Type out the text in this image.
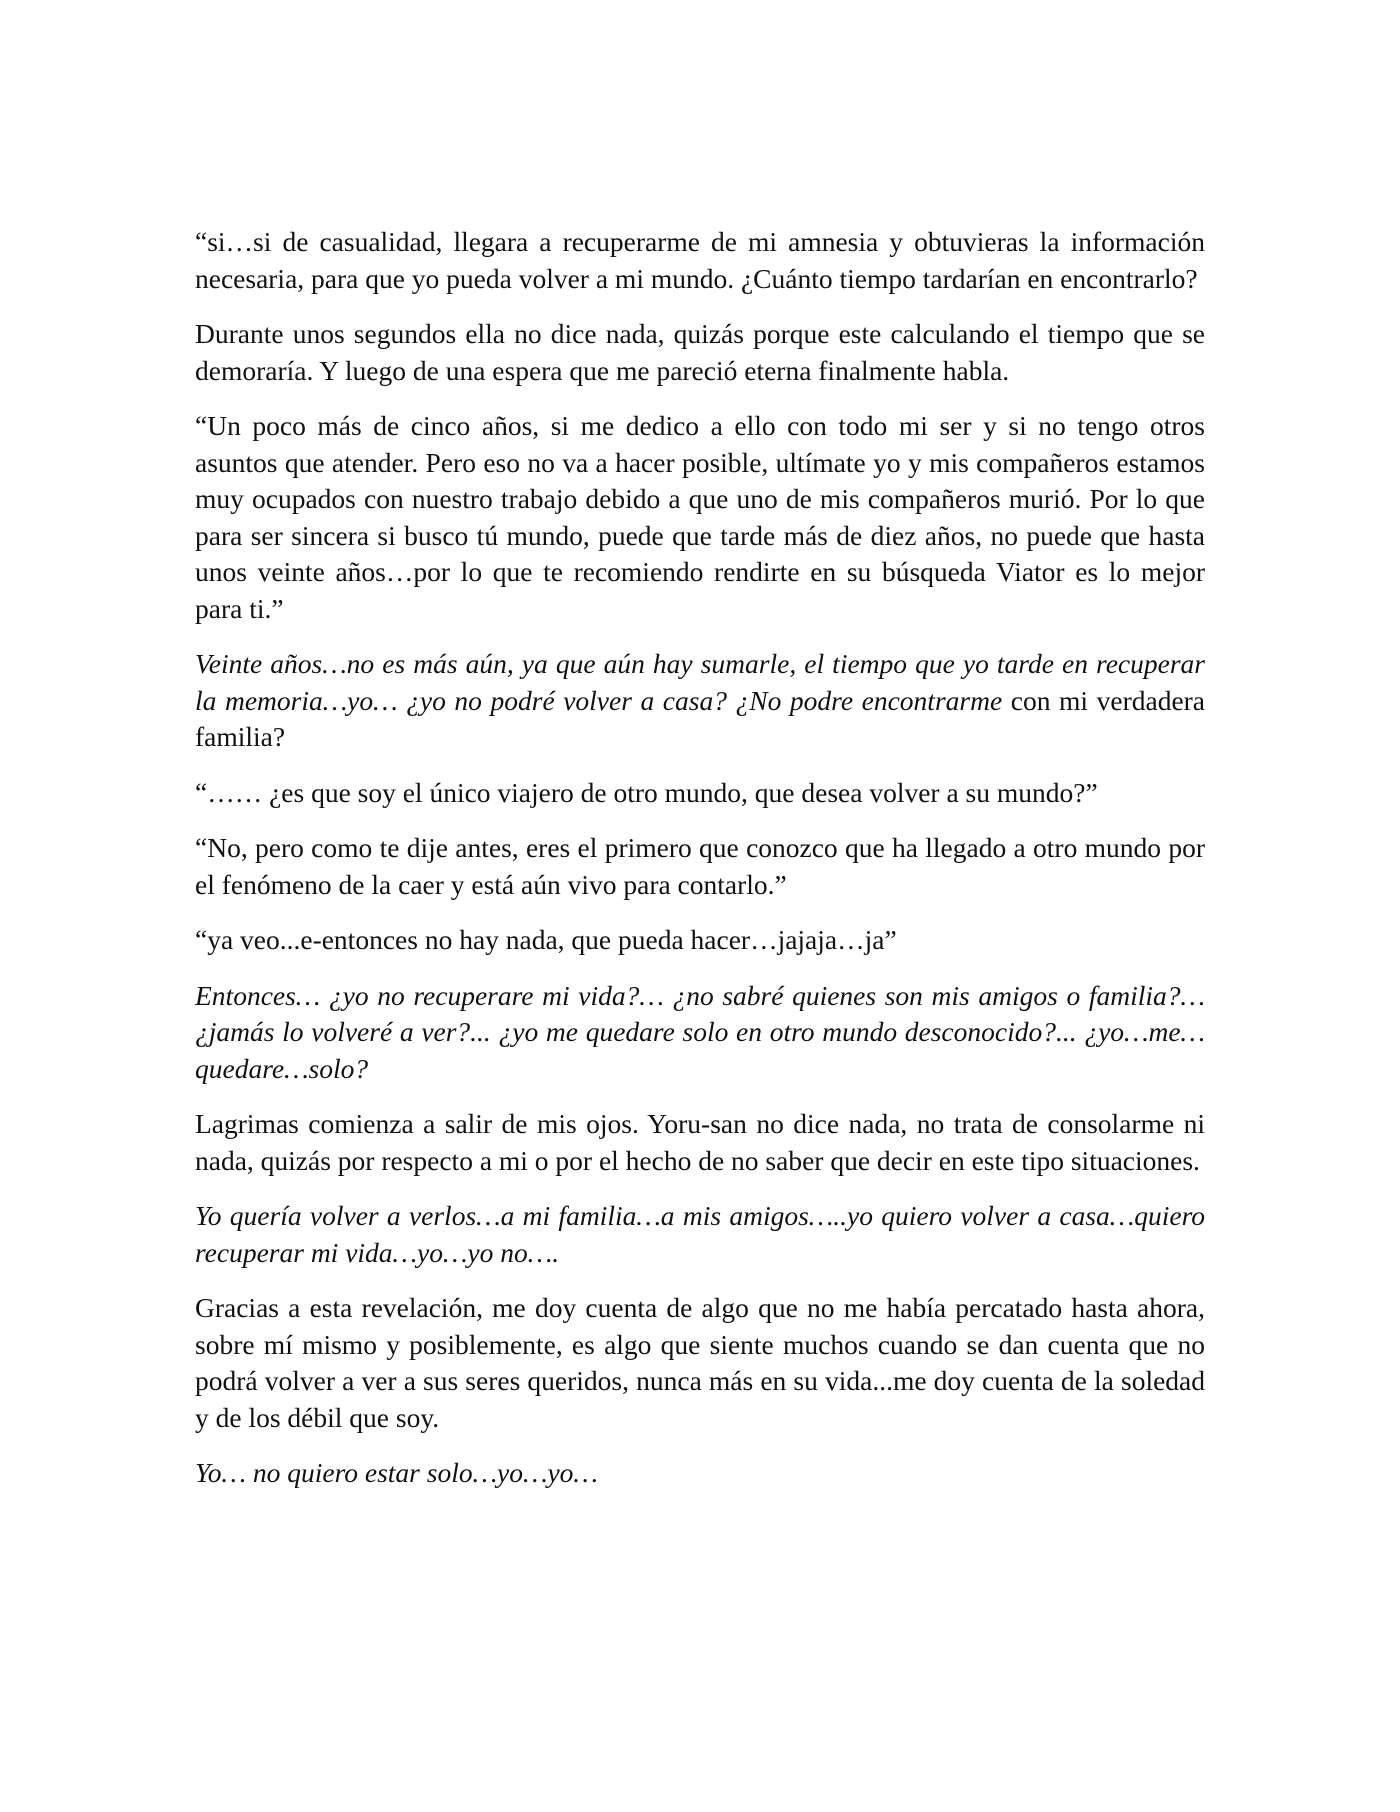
“si…si de casualidad, llegara a recuperarme de mi amnesia y obtuvieras la información necesaria, para que yo pueda volver a mi mundo. ¿Cuánto tiempo tardarían en encontrarlo?

Durante unos segundos ella no dice nada, quizás porque este calculando el tiempo que se demoraría. Y luego de una espera que me pareció eterna finalmente habla.

“Un poco más de cinco años, si me dedico a ello con todo mi ser y si no tengo otros asuntos que atender. Pero eso no va a hacer posible, ultímate yo y mis compañeros estamos muy ocupados con nuestro trabajo debido a que uno de mis compañeros murió. Por lo que para ser sincera si busco tú mundo, puede que tarde más de diez años, no puede que hasta unos veinte años…por lo que te recomiendo rendirte en su búsqueda Viator es lo mejor para ti.”

Veinte años…no es más aún, ya que aún hay sumarle, el tiempo que yo tarde en recuperar la memoria…yo… ¿yo no podré volver a casa? ¿No podre encontrarme con mi verdadera familia?

“…… ¿es que soy el único viajero de otro mundo, que desea volver a su mundo?”

“No, pero como te dije antes, eres el primero que conozco que ha llegado a otro mundo por el fenómeno de la caer y está aún vivo para contarlo.”

“ya veo...e-entonces no hay nada, que pueda hacer…jajaja…ja”

Entonces… ¿yo no recuperare mi vida?… ¿no sabré quienes son mis amigos o familia?… ¿jamás lo volveré a ver?... ¿yo me quedare solo en otro mundo desconocido?... ¿yo…me…quedare…solo?

Lagrimas comienza a salir de mis ojos. Yoru-san no dice nada, no trata de consolarme ni nada, quizás por respecto a mi o por el hecho de no saber que decir en este tipo situaciones.

Yo quería volver a verlos…a mi familia…a mis amigos…..yo quiero volver a casa…quiero recuperar mi vida…yo…yo no….

Gracias a esta revelación, me doy cuenta de algo que no me había percatado hasta ahora, sobre mí mismo y posiblemente, es algo que siente muchos cuando se dan cuenta que no podrá volver a ver a sus seres queridos, nunca más en su vida...me doy cuenta de la soledad y de los débil que soy.

Yo… no quiero estar solo…yo…yo…
